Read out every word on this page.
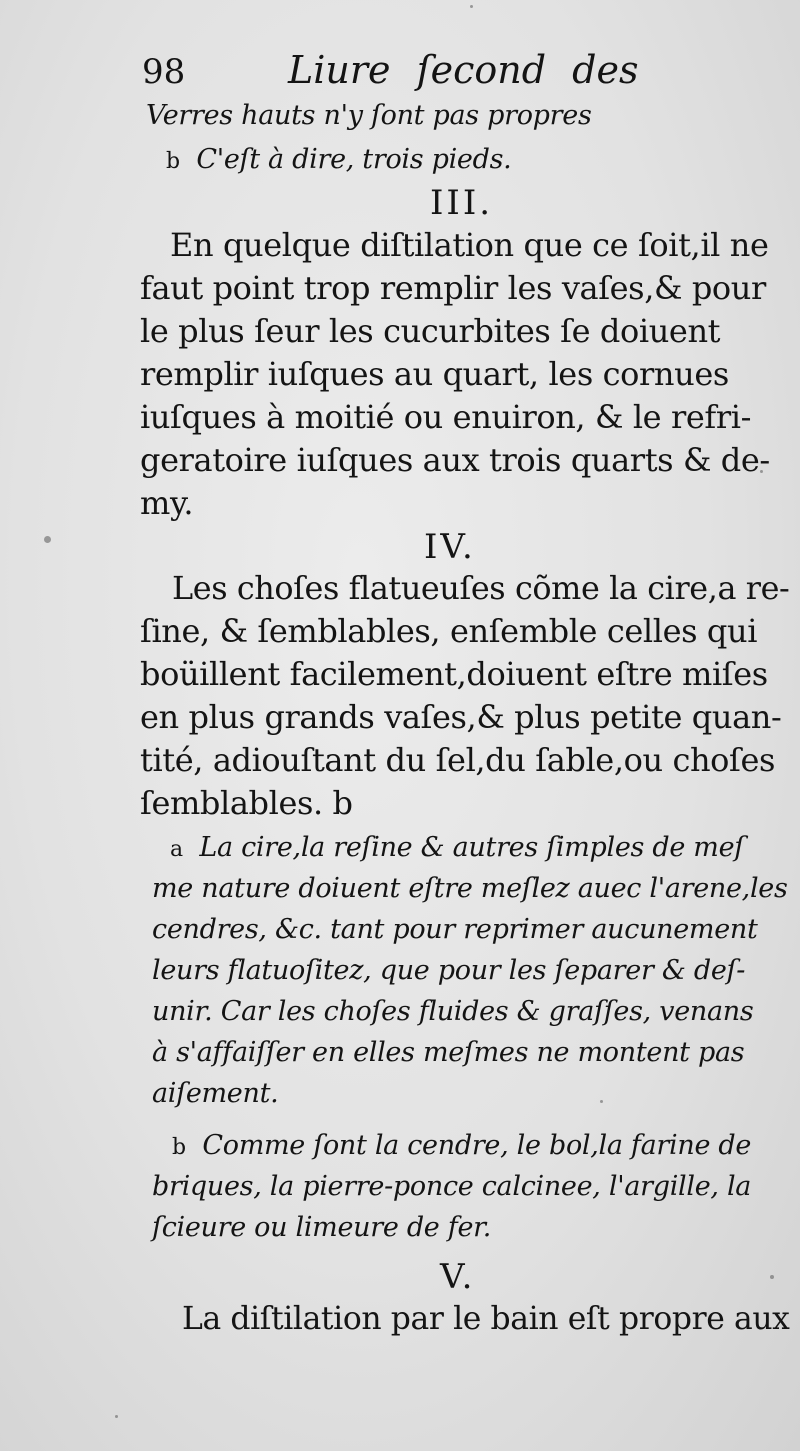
98	Liure ſecond des
Verres hauts n'y ſont pas propres
b C'eſt à dire, trois pieds.
III.
En quelque diſtilation que ce ſoit,il ne
faut point trop remplir les vaſes,& pour
le plus ſeur les cucurbites ſe doiuent
remplir iuſques au quart, les cornues
iuſques à moitié ou enuiron, & le refri-
geratoire iuſques aux trois quarts & de-
my.
IV.
Les choſes flatueuſes cõme la cire,a re-
ſine, & ſemblables, enſemble celles qui
boüillent facilement,doiuent eſtre miſes
en plus grands vaſes,& plus petite quan-
tité, adiouſtant du ſel,du ſable,ou choſes
ſemblables. b
a La cire,la reſine & autres ſimples de meſ
me nature doiuent eſtre meſlez auec l'arene,les
cendres, &c. tant pour reprimer aucunement
leurs flatuoſitez, que pour les ſeparer & deſ-
unir. Car les choſes fluides & graſſes, venans
à s'affaiſſer en elles meſmes ne montent pas
aiſement.
b Comme ſont la cendre, le bol,la farine de
briques, la pierre-ponce calcinee, l'argille, la
ſcieure ou limeure de fer.
V.
La diſtilation par le bain eſt propre aux
